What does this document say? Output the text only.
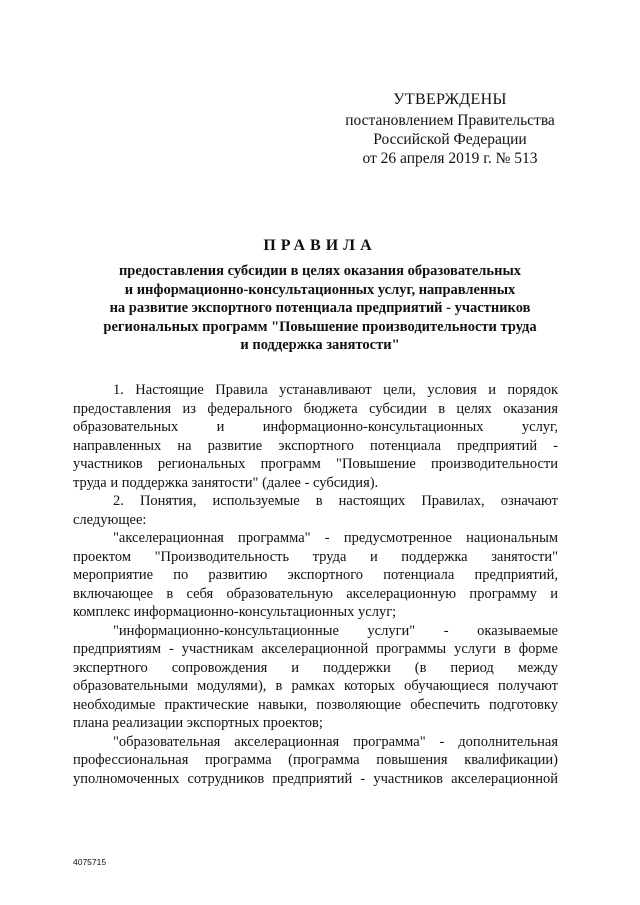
УТВЕРЖДЕНЫ
постановлением Правительства
Российской Федерации
от 26 апреля 2019 г. № 513
ПРАВИЛА
предоставления субсидии в целях оказания образовательных
и информационно-консультационных услуг, направленных
на развитие экспортного потенциала предприятий - участников
региональных программ "Повышение производительности труда
и поддержка занятости"
1. Настоящие Правила устанавливают цели, условия и порядок
предоставления из федерального бюджета субсидии в целях оказания
образовательных и информационно-консультационных услуг,
направленных на развитие экспортного потенциала предприятий -
участников региональных программ "Повышение производительности
труда и поддержка занятости" (далее - субсидия).
2. Понятия, используемые в настоящих Правилах, означают
следующее:
"акселерационная программа" - предусмотренное национальным
проектом "Производительность труда и поддержка занятости"
мероприятие по развитию экспортного потенциала предприятий,
включающее в себя образовательную акселерационную программу и
комплекс информационно-консультационных услуг;
"информационно-консультационные услуги" - оказываемые
предприятиям - участникам акселерационной программы услуги в форме
экспертного сопровождения и поддержки (в период между
образовательными модулями), в рамках которых обучающиеся получают
необходимые практические навыки, позволяющие обеспечить подготовку
плана реализации экспортных проектов;
"образовательная акселерационная программа" - дополнительная
профессиональная программа (программа повышения квалификации)
уполномоченных сотрудников предприятий - участников акселерационной
4075715
